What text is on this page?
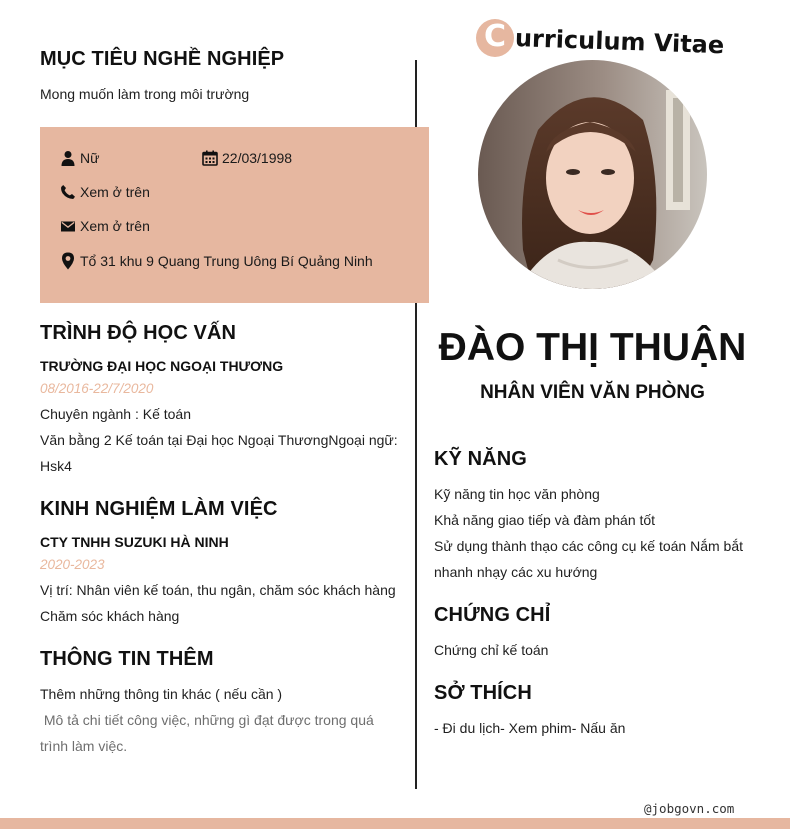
C urriculum Vitae
ĐÀO THỊ THUẬN
NHÂN VIÊN VĂN PHÒNG
MỤC TIÊU NGHỀ NGHIỆP
Mong muốn làm trong môi trường
Nữ	22/03/1998
Xem ở trên
Xem ở trên
Tổ 31 khu 9 Quang Trung Uông Bí Quảng Ninh
TRÌNH ĐỘ HỌC VẤN
TRƯỜNG ĐẠI HỌC NGOẠI THƯƠNG
08/2016-22/7/2020
Chuyên ngành : Kế toán
Văn bằng 2 Kế toán tại Đại học Ngoại ThươngNgoại ngữ:
Hsk4
KINH NGHIỆM LÀM VIỆC
CTY TNHH SUZUKI HÀ NINH
2020-2023
Vị trí: Nhân viên kế toán, thu ngân, chăm sóc khách hàng
Chăm sóc khách hàng
THÔNG TIN THÊM
Thêm những thông tin khác ( nếu cần )
Mô tả chi tiết công việc, những gì đạt được trong quá
trình làm việc.
KỸ NĂNG
Kỹ năng tin học văn phòng
Khả năng giao tiếp và đàm phán tốt
Sử dụng thành thạo các công cụ kế toán Nắm bắt
nhanh nhạy các xu hướng
CHỨNG CHỈ
Chứng chỉ kế toán
SỞ THÍCH
- Đi du lịch- Xem phim- Nấu ăn
@jobgovn.com
